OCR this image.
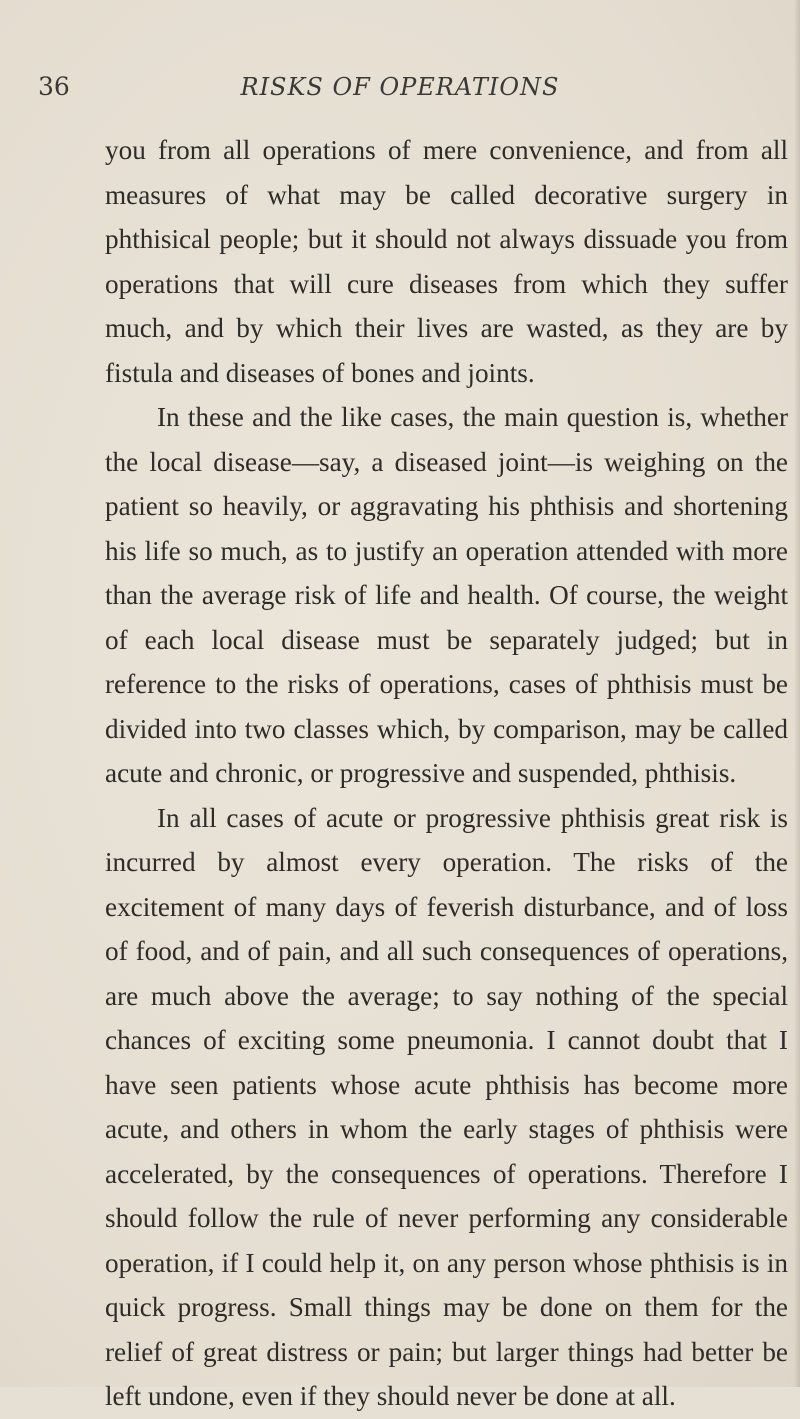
36	RISKS OF OPERATIONS

you from all operations of mere convenience, and from all measures of what may be called decorative surgery in phthisical people; but it should not always dissuade you from operations that will cure diseases from which they suffer much, and by which their lives are wasted, as they are by fistula and diseases of bones and joints.

In these and the like cases, the main question is, whether the local disease—say, a diseased joint—is weighing on the patient so heavily, or aggravating his phthisis and shortening his life so much, as to justify an operation attended with more than the average risk of life and health. Of course, the weight of each local disease must be separately judged; but in reference to the risks of operations, cases of phthisis must be divided into two classes which, by comparison, may be called acute and chronic, or progressive and suspended, phthisis.

In all cases of acute or progressive phthisis great risk is incurred by almost every operation. The risks of the excitement of many days of feverish disturbance, and of loss of food, and of pain, and all such consequences of operations, are much above the average; to say nothing of the special chances of exciting some pneumonia. I cannot doubt that I have seen patients whose acute phthisis has become more acute, and others in whom the early stages of phthisis were accelerated, by the consequences of operations. Therefore I should follow the rule of never performing any considerable operation, if I could help it, on any person whose phthisis is in quick progress. Small things may be done on them for the relief of great distress or pain; but larger things had better be left undone, even if they should never be done at all.
